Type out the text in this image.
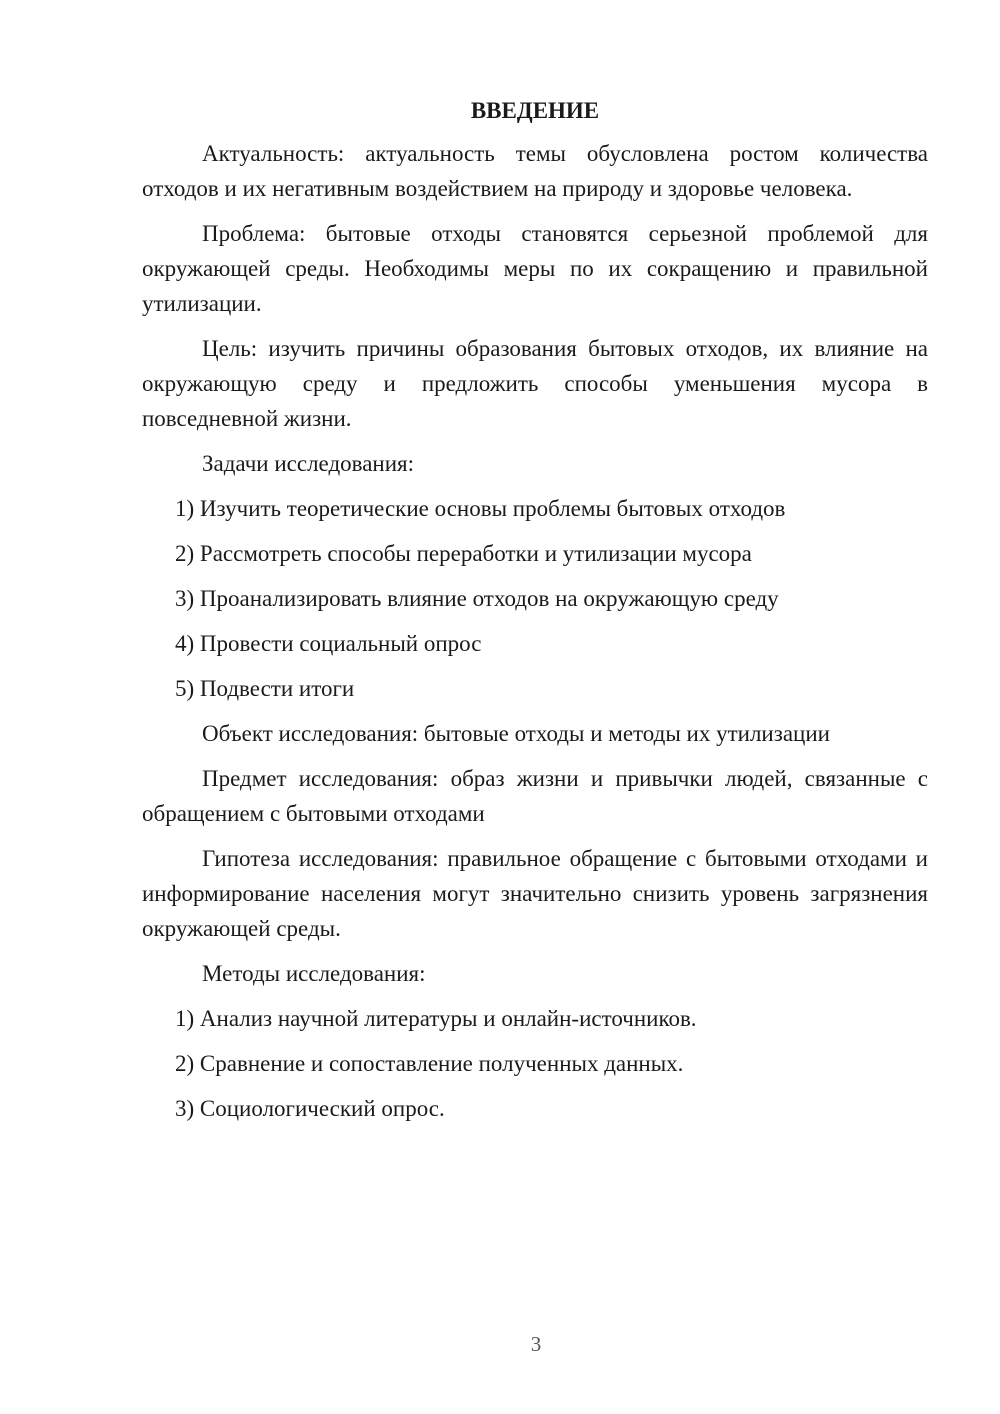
ВВЕДЕНИЕ

Актуальность: актуальность темы обусловлена ростом количества отходов и их негативным воздействием на природу и здоровье человека.

Проблема: бытовые отходы становятся серьезной проблемой для окружающей среды. Необходимы меры по их сокращению и правильной утилизации.

Цель: изучить причины образования бытовых отходов, их влияние на окружающую среду и предложить способы уменьшения мусора в повседневной жизни.

Задачи исследования:

1) Изучить теоретические основы проблемы бытовых отходов
2) Рассмотреть способы переработки и утилизации мусора
3) Проанализировать влияние отходов на окружающую среду
4) Провести социальный опрос
5) Подвести итоги

Объект исследования: бытовые отходы и методы их утилизации

Предмет исследования: образ жизни и привычки людей, связанные с обращением с бытовыми отходами

Гипотеза исследования: правильное обращение с бытовыми отходами и информирование населения могут значительно снизить уровень загрязнения окружающей среды.

Методы исследования:

1) Анализ научной литературы и онлайн-источников.
2) Сравнение и сопоставление полученных данных.
3) Социологический опрос.
3
